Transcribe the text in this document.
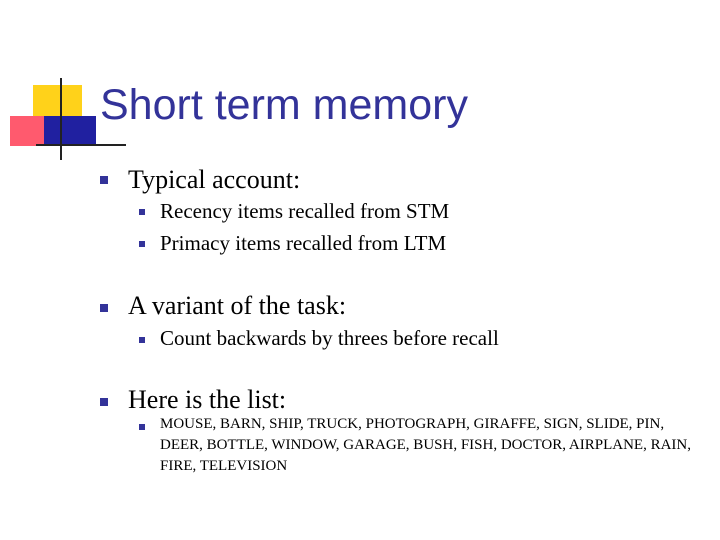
Short term memory
Typical account:
Recency items recalled from STM
Primacy items recalled from LTM
A variant of the task:
Count backwards by threes before recall
Here is the list:
MOUSE, BARN, SHIP, TRUCK, PHOTOGRAPH, GIRAFFE, SIGN, SLIDE, PIN, DEER, BOTTLE, WINDOW, GARAGE, BUSH, FISH, DOCTOR, AIRPLANE, RAIN, FIRE, TELEVISION
